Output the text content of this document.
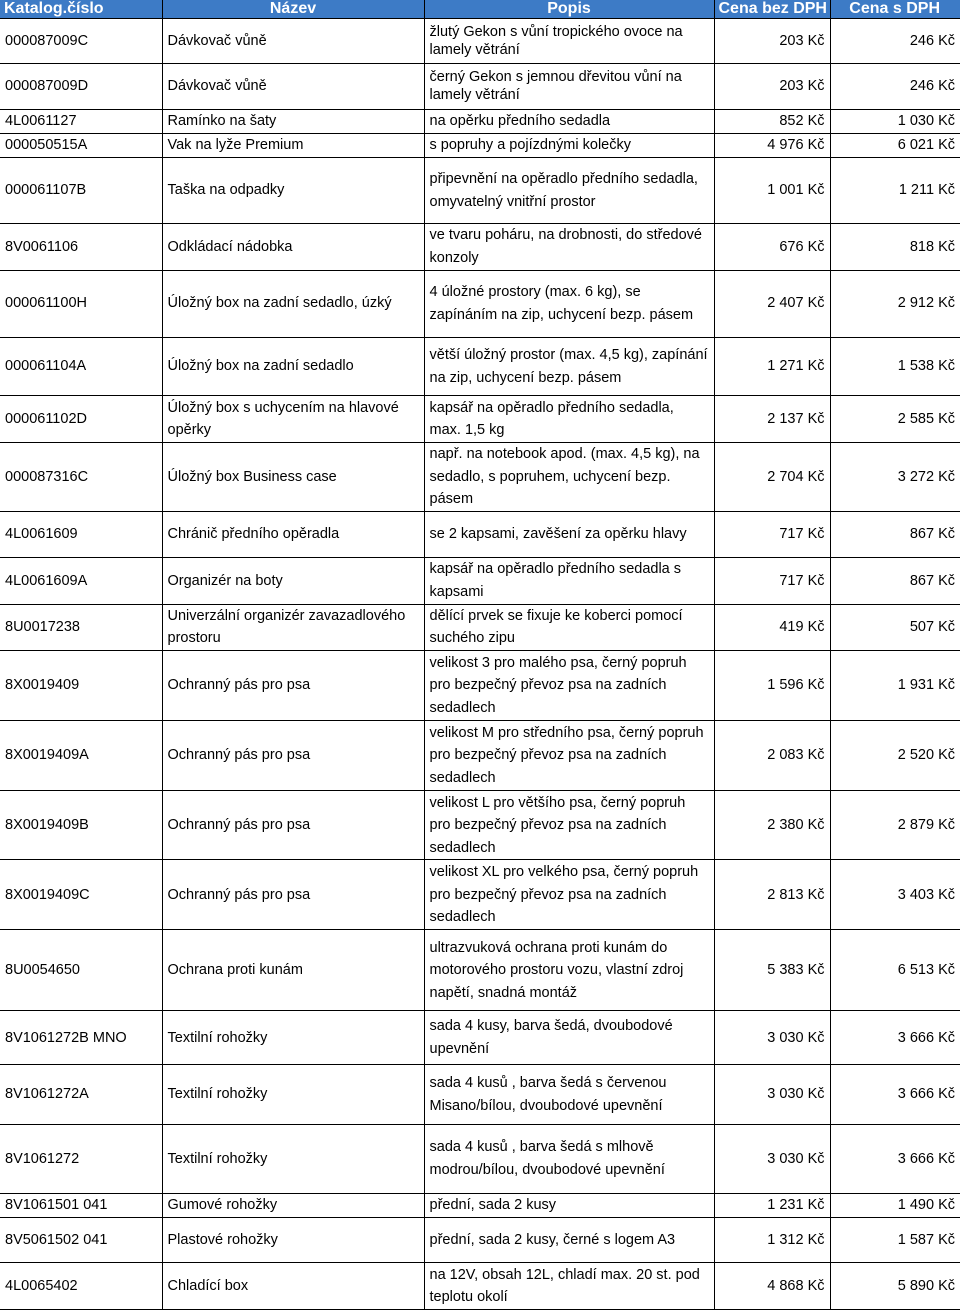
Katalog.číslo	Název	Popis	Cena bez DPH	Cena s DPH
000087009C	Dávkovač vůně	žlutý Gekon s vůní tropického ovoce na lamely větrání	203 Kč	246 Kč
000087009D	Dávkovač vůně	černý Gekon s jemnou dřevitou vůní na lamely větrání	203 Kč	246 Kč
4L0061127	Ramínko na šaty	na opěrku předního sedadla	852 Kč	1 030 Kč
000050515A	Vak na lyže Premium	s popruhy a pojízdnými kolečky	4 976 Kč	6 021 Kč
000061107B	Taška na odpadky	připevnění na opěradlo předního sedadla, omyvatelný vnitřní prostor	1 001 Kč	1 211 Kč
8V0061106	Odkládací nádobka	ve tvaru poháru, na drobnosti, do středové konzoly	676 Kč	818 Kč
000061100H	Úložný box na zadní sedadlo, úzký	4 úložné prostory (max. 6 kg), se zapínáním na zip, uchycení bezp. pásem	2 407 Kč	2 912 Kč
000061104A	Úložný box na zadní sedadlo	větší úložný prostor (max. 4,5 kg), zapínání na zip, uchycení bezp. pásem	1 271 Kč	1 538 Kč
000061102D	Úložný box s uchycením na hlavové opěrky	kapsář na opěradlo předního sedadla, max. 1,5 kg	2 137 Kč	2 585 Kč
000087316C	Úložný box Business case	např. na notebook apod. (max. 4,5 kg), na sedadlo, s popruhem, uchycení bezp. pásem	2 704 Kč	3 272 Kč
4L0061609	Chránič předního opěradla	se 2 kapsami, zavěšení za opěrku hlavy	717 Kč	867 Kč
4L0061609A	Organizér na boty	kapsář na opěradlo předního sedadla s kapsami	717 Kč	867 Kč
8U0017238	Univerzální organizér zavazadlového prostoru	dělící prvek se fixuje ke koberci pomocí suchého zipu	419 Kč	507 Kč
8X0019409	Ochranný pás pro psa	velikost 3 pro malého psa, černý popruh pro bezpečný převoz psa na zadních sedadlech	1 596 Kč	1 931 Kč
8X0019409A	Ochranný pás pro psa	velikost M pro středního psa, černý popruh pro bezpečný převoz psa na zadních sedadlech	2 083 Kč	2 520 Kč
8X0019409B	Ochranný pás pro psa	velikost L pro většího psa, černý popruh pro bezpečný převoz psa na zadních sedadlech	2 380 Kč	2 879 Kč
8X0019409C	Ochranný pás pro psa	velikost XL pro velkého psa, černý popruh pro bezpečný převoz psa na zadních sedadlech	2 813 Kč	3 403 Kč
8U0054650	Ochrana proti kunám	ultrazvuková ochrana proti kunám do motorového prostoru vozu, vlastní zdroj napětí, snadná montáž	5 383 Kč	6 513 Kč
8V1061272B MNO	Textilní rohožky	sada 4 kusy, barva šedá, dvoubodové upevnění	3 030 Kč	3 666 Kč
8V1061272A	Textilní rohožky	sada 4 kusů , barva šedá s červenou Misano/bílou, dvoubodové upevnění	3 030 Kč	3 666 Kč
8V1061272	Textilní rohožky	sada 4 kusů , barva šedá s mlhově modrou/bílou, dvoubodové upevnění	3 030 Kč	3 666 Kč
8V1061501 041	Gumové rohožky	přední, sada 2 kusy	1 231 Kč	1 490 Kč
8V5061502 041	Plastové rohožky	přední, sada 2 kusy, černé s logem A3	1 312 Kč	1 587 Kč
4L0065402	Chladící box	na 12V, obsah 12L, chladí max. 20 st. pod teplotu okolí	4 868 Kč	5 890 Kč
